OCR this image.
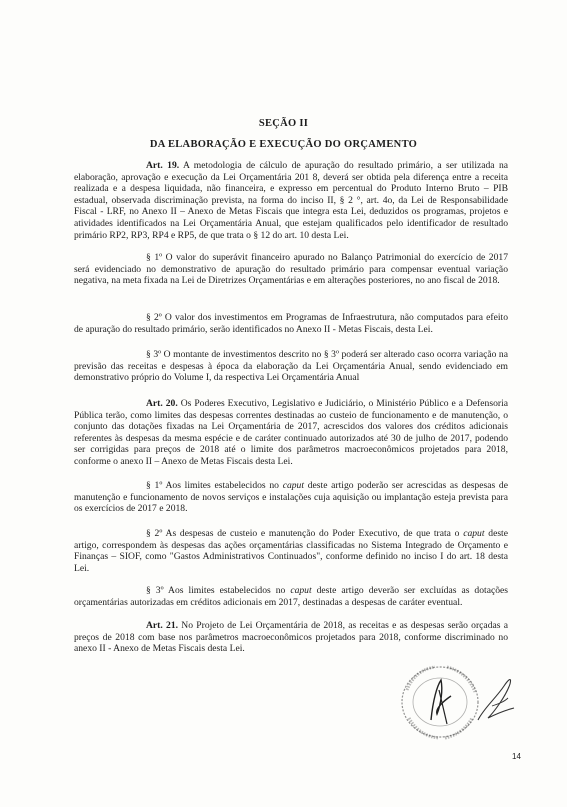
SEÇÃO II
DA ELABORAÇÃO E EXECUÇÃO DO ORÇAMENTO
Art. 19. A metodologia de cálculo de apuração do resultado primário, a ser utilizada na elaboração, aprovação e execução da Lei Orçamentária 201 8, deverá ser obtida pela diferença entre a receita realizada e a despesa liquidada, não financeira, e expresso em percentual do Produto Interno Bruto – PIB estadual, observada discriminação prevista, na forma do inciso II, § 2 °, art. 4o, da Lei de Responsabilidade Fiscal - LRF, no Anexo II – Anexo de Metas Fiscais que integra esta Lei, deduzidos os programas, projetos e atividades identificados na Lei Orçamentária Anual, que estejam qualificados pelo identificador de resultado primário RP2, RP3, RP4 e RP5, de que trata o § 12 do art. 10 desta Lei.
§ 1º O valor do superávit financeiro apurado no Balanço Patrimonial do exercício de 2017 será evidenciado no demonstrativo de apuração do resultado primário para compensar eventual variação negativa, na meta fixada na Lei de Diretrizes Orçamentárias e em alterações posteriores, no ano fiscal de 2018.
§ 2º O valor dos investimentos em Programas de Infraestrutura, não computados para efeito de apuração do resultado primário, serão identificados no Anexo II - Metas Fiscais, desta Lei.
§ 3º O montante de investimentos descrito no § 3º poderá ser alterado caso ocorra variação na previsão das receitas e despesas à época da elaboração da Lei Orçamentária Anual, sendo evidenciado em demonstrativo próprio do Volume I, da respectiva Lei Orçamentária Anual
Art. 20. Os Poderes Executivo, Legislativo e Judiciário, o Ministério Público e a Defensoria Pública terão, como limites das despesas correntes destinadas ao custeio de funcionamento e de manutenção, o conjunto das dotações fixadas na Lei Orçamentária de 2017, acrescidos dos valores dos créditos adicionais referentes às despesas da mesma espécie e de caráter continuado autorizados até 30 de julho de 2017, podendo ser corrigidas para preços de 2018 até o limite dos parâmetros macroeconômicos projetados para 2018, conforme o anexo II – Anexo de Metas Fiscais desta Lei.
§ 1º Aos limites estabelecidos no caput deste artigo poderão ser acrescidas as despesas de manutenção e funcionamento de novos serviços e instalações cuja aquisição ou implantação esteja prevista para os exercícios de 2017 e 2018.
§ 2º As despesas de custeio e manutenção do Poder Executivo, de que trata o caput deste artigo, correspondem às despesas das ações orçamentárias classificadas no Sistema Integrado de Orçamento e Finanças – SIOF, como "Gastos Administrativos Continuados", conforme definido no inciso I do art. 18 desta Lei.
§ 3º Aos limites estabelecidos no caput deste artigo deverão ser excluídas as dotações orçamentárias autorizadas em créditos adicionais em 2017, destinadas a despesas de caráter eventual.
Art. 21. No Projeto de Lei Orçamentária de 2018, as receitas e as despesas serão orçadas a preços de 2018 com base nos parâmetros macroeconômicos projetados para 2018, conforme discriminado no anexo II - Anexo de Metas Fiscais desta Lei.
14
